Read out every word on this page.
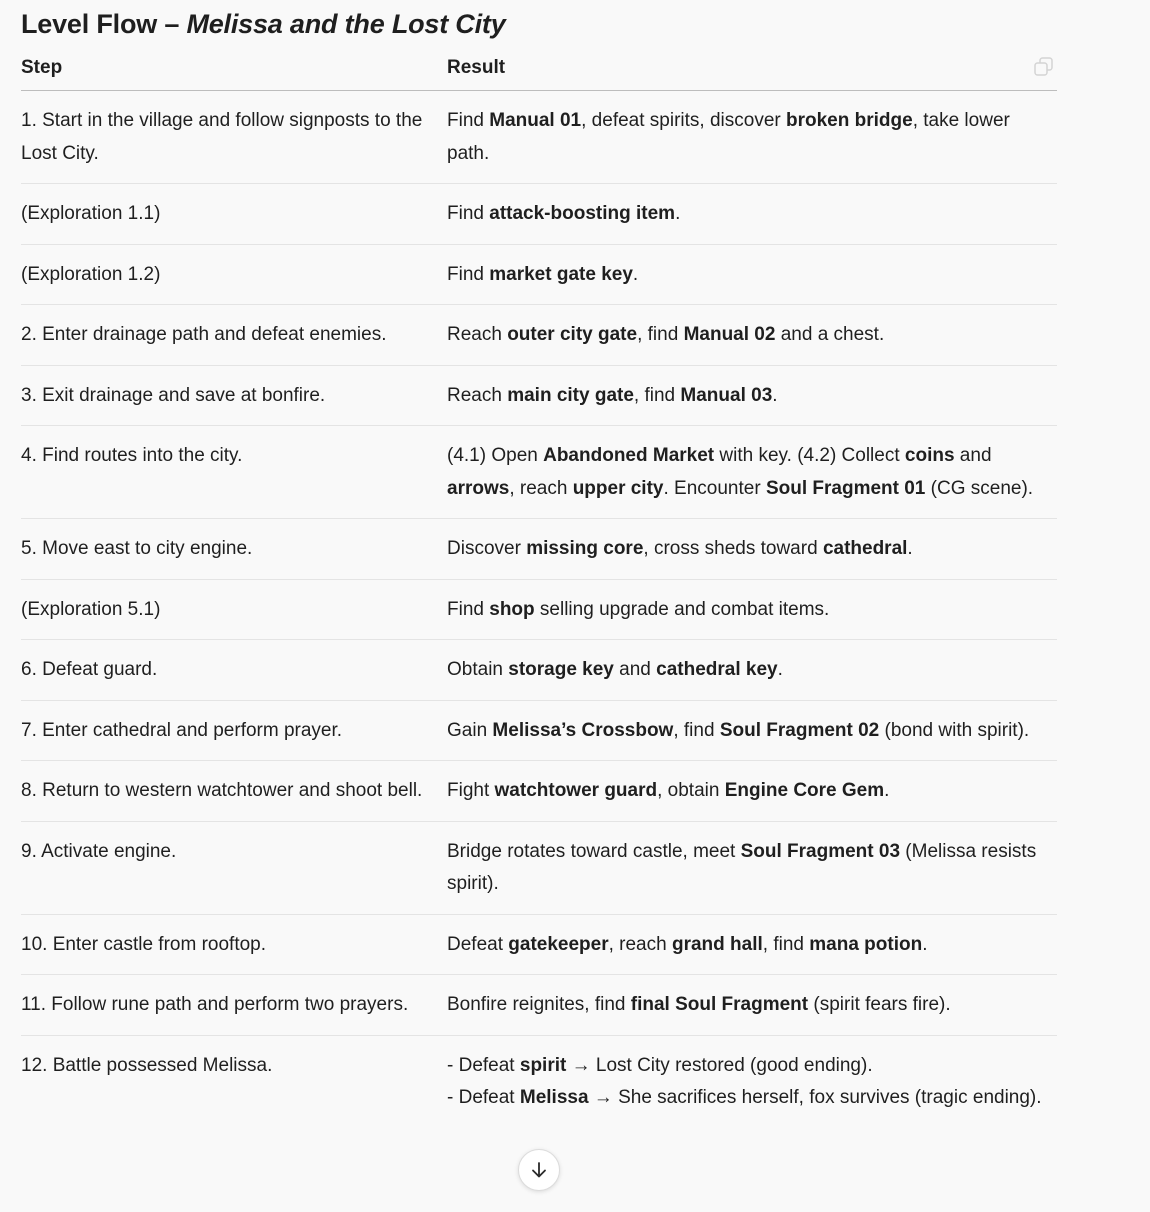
Level Flow – Melissa and the Lost City
Step	Result
1. Start in the village and follow signposts to the Lost City.	Find Manual 01, defeat spirits, discover broken bridge, take lower path.
(Exploration 1.1)	Find attack-boosting item.
(Exploration 1.2)	Find market gate key.
2. Enter drainage path and defeat enemies.	Reach outer city gate, find Manual 02 and a chest.
3. Exit drainage and save at bonfire.	Reach main city gate, find Manual 03.
4. Find routes into the city.	(4.1) Open Abandoned Market with key. (4.2) Collect coins and arrows, reach upper city. Encounter Soul Fragment 01 (CG scene).
5. Move east to city engine.	Discover missing core, cross sheds toward cathedral.
(Exploration 5.1)	Find shop selling upgrade and combat items.
6. Defeat guard.	Obtain storage key and cathedral key.
7. Enter cathedral and perform prayer.	Gain Melissa’s Crossbow, find Soul Fragment 02 (bond with spirit).
8. Return to western watchtower and shoot bell.	Fight watchtower guard, obtain Engine Core Gem.
9. Activate engine.	Bridge rotates toward castle, meet Soul Fragment 03 (Melissa resists spirit).
10. Enter castle from rooftop.	Defeat gatekeeper, reach grand hall, find mana potion.
11. Follow rune path and perform two prayers.	Bonfire reignites, find final Soul Fragment (spirit fears fire).
12. Battle possessed Melissa.	- Defeat spirit → Lost City restored (good ending).
- Defeat Melissa → She sacrifices herself, fox survives (tragic ending).
